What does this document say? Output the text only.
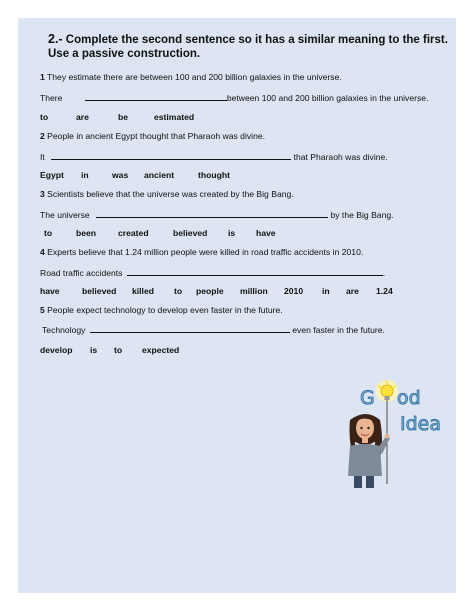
2.- Complete the second sentence so it has a similar meaning to the first. Use a passive construction.
1 They estimate there are between 100 and 200 billion galaxies in the universe.
There	between 100 and 200 billion galaxies in the universe.
to	are	be	estimated
2 People in ancient Egypt thought that Pharaoh was divine.
It	that Pharaoh was divine.
Egypt in	was ancient	thought
3 Scientists believe that the universe was created by the Big Bang.
The universe	by the Big Bang.
to	been	created	believed is have
4 Experts believe that 1.24 million people were killed in road traffic accidents in 2010.
Road traffic accidents	.
have	believed killed to people million 2010 in are 1.24
5 People expect technology to develop even faster in the future.
Technology	even faster in the future.
develop is to expected
G od
Idea
